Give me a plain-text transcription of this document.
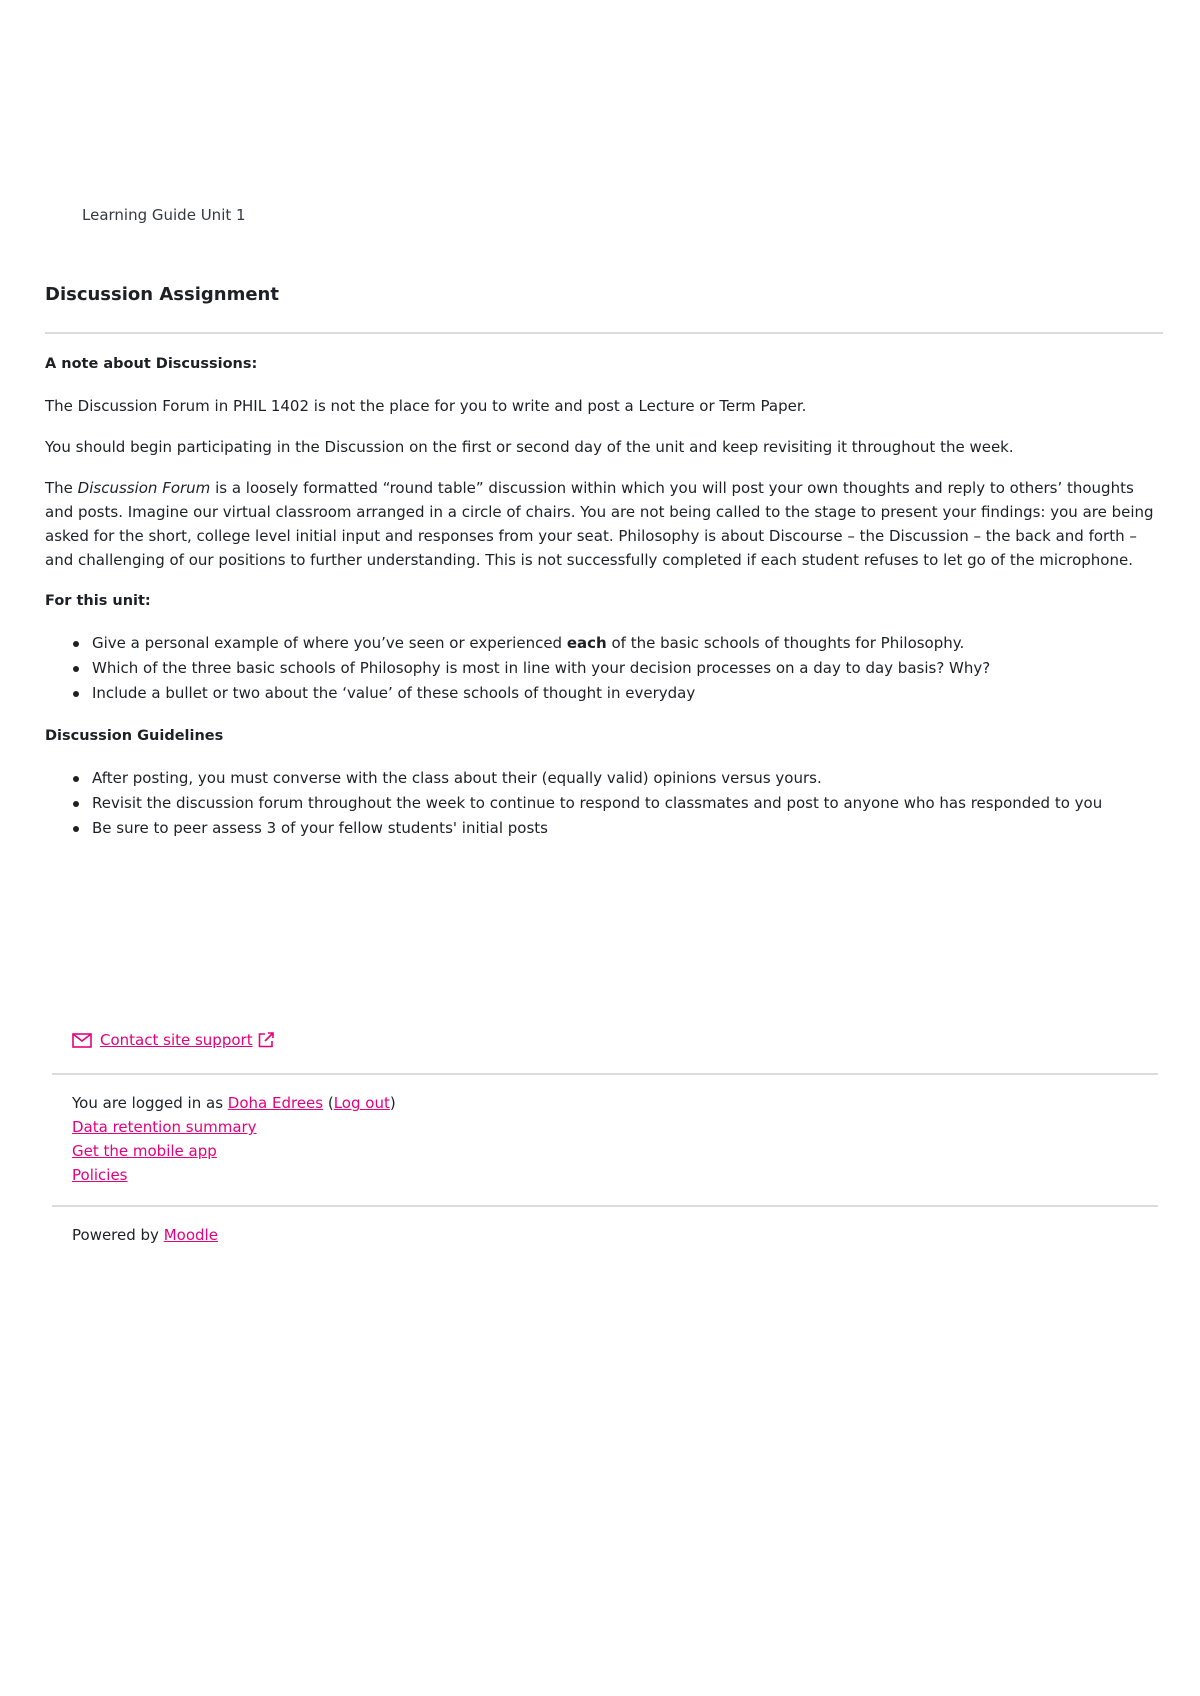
Learning Guide Unit 1
Discussion Assignment

A note about Discussions:

The Discussion Forum in PHIL 1402 is not the place for you to write and post a Lecture or Term Paper.

You should begin participating in the Discussion on the first or second day of the unit and keep revisiting it throughout the week.

The Discussion Forum is a loosely formatted “round table” discussion within which you will post your own thoughts and reply to others’ thoughts and posts. Imagine our virtual classroom arranged in a circle of chairs. You are not being called to the stage to present your findings: you are being asked for the short, college level initial input and responses from your seat. Philosophy is about Discourse – the Discussion – the back and forth – and challenging of our positions to further understanding. This is not successfully completed if each student refuses to let go of the microphone.

For this unit:

Give a personal example of where you’ve seen or experienced each of the basic schools of thoughts for Philosophy.
Which of the three basic schools of Philosophy is most in line with your decision processes on a day to day basis? Why?
Include a bullet or two about the ‘value’ of these schools of thought in everyday

Discussion Guidelines

After posting, you must converse with the class about their (equally valid) opinions versus yours.
Revisit the discussion forum throughout the week to continue to respond to classmates and post to anyone who has responded to you
Be sure to peer assess 3 of your fellow students' initial posts
Contact site support
You are logged in as Doha Edrees (Log out)
Data retention summary
Get the mobile app
Policies
Powered by Moodle
